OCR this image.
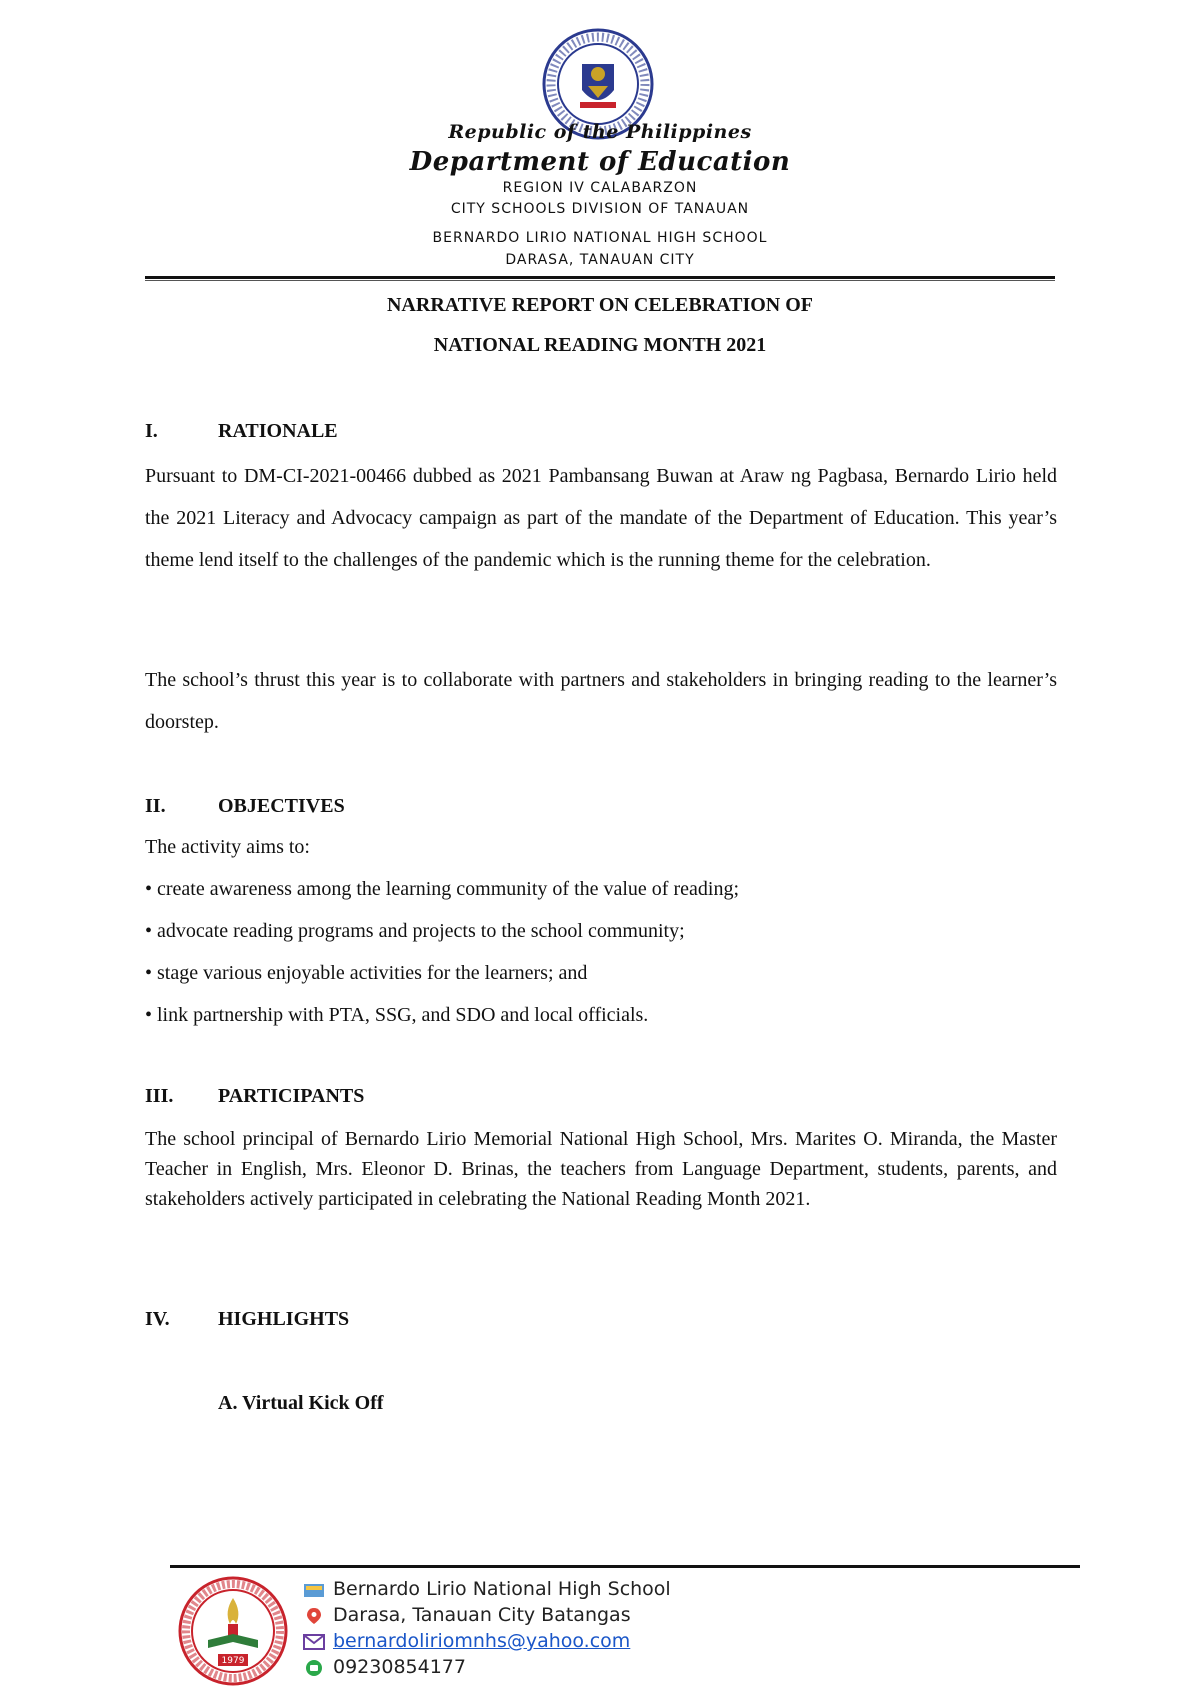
Republic of the Philippines
Department of Education
REGION IV CALABARZON
CITY SCHOOLS DIVISION OF TANAUAN
BERNARDO LIRIO NATIONAL HIGH SCHOOL
DARASA, TANAUAN CITY
NARRATIVE REPORT ON CELEBRATION OF
NATIONAL READING MONTH 2021
I.	RATIONALE
Pursuant to DM-CI-2021-00466 dubbed as 2021 Pambansang Buwan at Araw ng Pagbasa, Bernardo Lirio held the 2021 Literacy and Advocacy campaign as part of the mandate of the Department of Education. This year’s theme lend itself to the challenges of the pandemic which is the running theme for the celebration.
The school’s thrust this year is to collaborate with partners and stakeholders in bringing reading to the learner’s doorstep.
II.	OBJECTIVES
The activity aims to:
• create awareness among the learning community of the value of reading;
• advocate reading programs and projects to the school community;
• stage various enjoyable activities for the learners; and
• link partnership with PTA, SSG, and SDO and local officials.
III. PARTICIPANTS
The school principal of Bernardo Lirio Memorial National High School, Mrs. Marites O. Miranda, the Master Teacher in English, Mrs. Eleonor D. Brinas, the teachers from Language Department, students, parents, and stakeholders actively participated in celebrating the National Reading Month 2021.
IV. HIGHLIGHTS
A. Virtual Kick Off
1979
Bernardo Lirio National High School
Darasa, Tanauan City Batangas
bernardoliriomnhs@yahoo.com
09230854177
